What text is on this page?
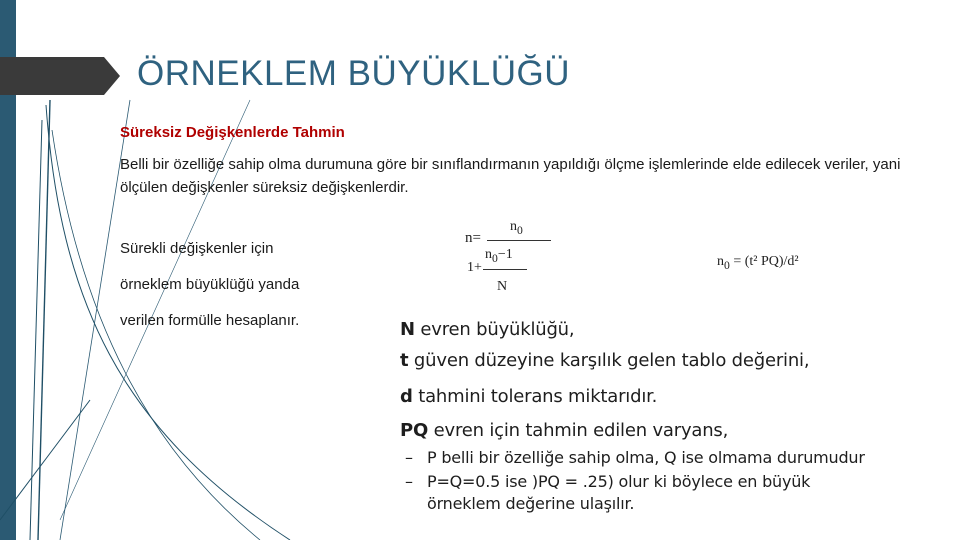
ÖRNEKLEM BÜYÜKLÜĞÜ
Süreksiz Değişkenlerde Tahmin
Belli bir özelliğe sahip olma durumuna göre bir sınıflandırmanın yapıldığı ölçme işlemlerinde elde edilecek veriler, yani ölçülen değişkenler süreksiz değişkenlerdir.
Sürekli değişkenler için
örneklem büyüklüğü yanda
verilen formülle hesaplanır.
n=
$n_0$
1+
$n_0-1$
N
$n_0 = (t^2$ PQ)/d²
N evren büyüklüğü,
t güven düzeyine karşılık gelen tablo değerini,
d tahmini tolerans miktarıdır.
PQ evren için tahmin edilen varyans,
– P belli bir özelliğe sahip olma, Q ise olmama durumudur
– P=Q=0.5 ise )PQ = .25) olur ki böylece en büyük
örneklem değerine ulaşılır.
